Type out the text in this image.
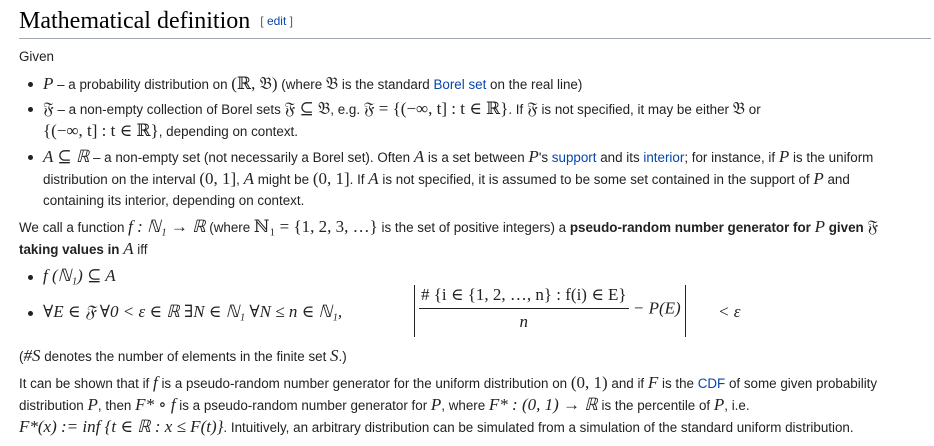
Mathematical definition [ edit ]
Given
P – a probability distribution on (ℝ, 𝔅) (where 𝔅 is the standard Borel set on the real line)
𝔉 – a non-empty collection of Borel sets 𝔉 ⊆ 𝔅, e.g. 𝔉 = {(−∞, t] : t ∈ ℝ}. If 𝔉 is not specified, it may be either 𝔅 or
{(−∞, t] : t ∈ ℝ}, depending on context.
A ⊆ ℝ – a non-empty set (not necessarily a Borel set). Often A is a set between P's support and its interior; for instance, if P is the uniform
distribution on the interval (0, 1], A might be (0, 1]. If A is not specified, it is assumed to be some set contained in the support of P and
containing its interior, depending on context.
We call a function f : ℕ₁ → ℝ (where ℕ₁ = {1, 2, 3, …} is the set of positive integers) a pseudo-random number generator for P given 𝔉
taking values in A iff
f (ℕ₁) ⊆ A
∀E ∈ 𝔉 ∀0 < ε ∈ ℝ ∃N ∈ ℕ₁ ∀N ≤ n ∈ ℕ₁,	$\frac{\# \{i \in \{1, 2, \dots, n\} : f(i) \in E\}}{n} - P(E) < \varepsilon$
(#S denotes the number of elements in the finite set S.)
It can be shown that if f is a pseudo-random number generator for the uniform distribution on (0, 1) and if F is the CDF of some given probability
distribution P, then F* ∘ f is a pseudo-random number generator for P, where F* : (0, 1) → ℝ is the percentile of P, i.e.
F*(x) := inf {t ∈ ℝ : x ≤ F(t)}. Intuitively, an arbitrary distribution can be simulated from a simulation of the standard uniform distribution.
